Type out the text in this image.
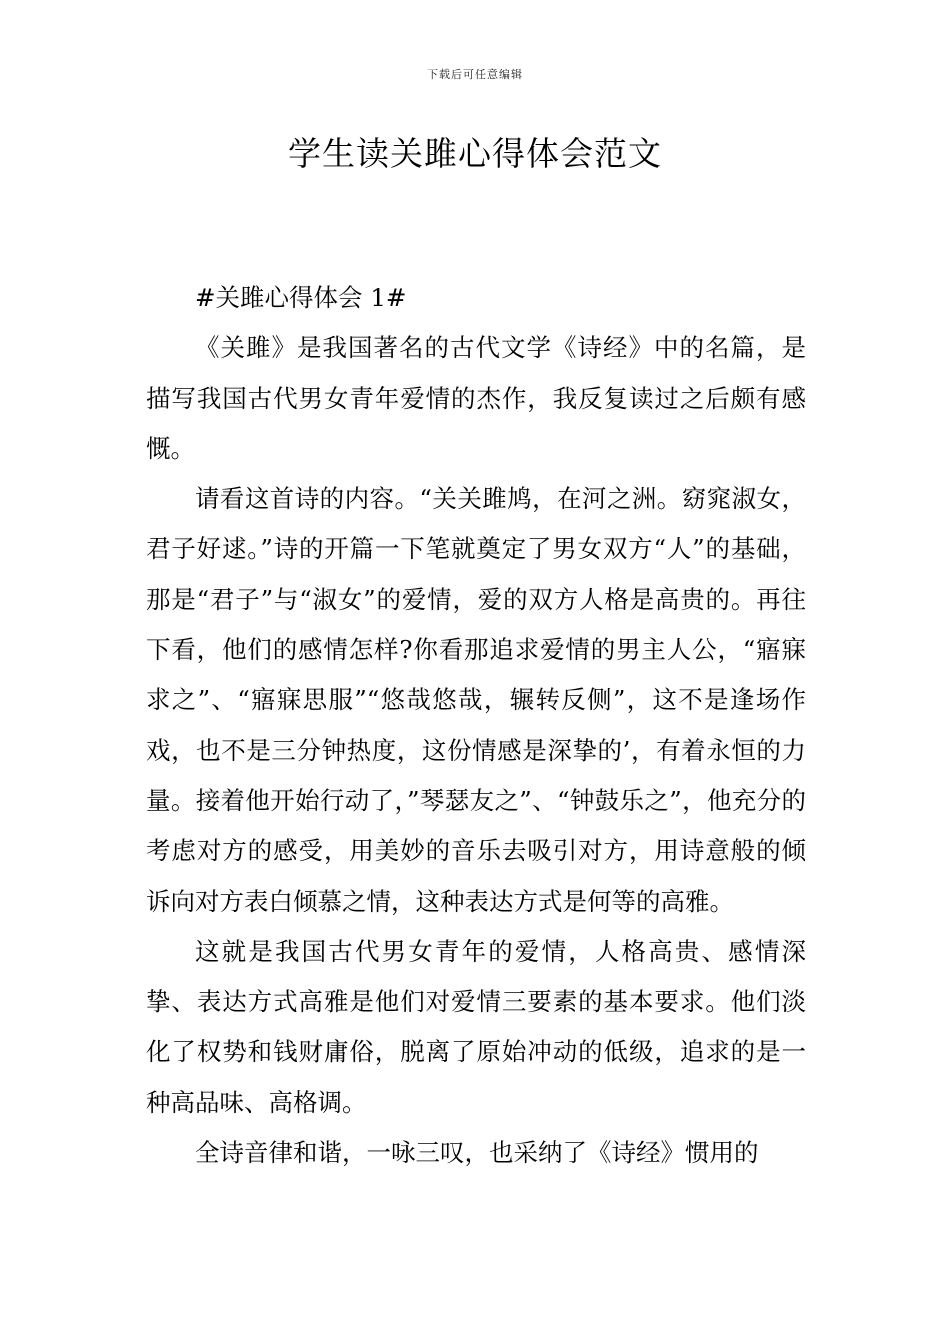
下载后可任意编辑
学生读关雎心得体会范文

#关雎心得体会 1#

《关雎》是我国著名的古代文学《诗经》中的名篇，是描写我国古代男女青年爱情的杰作，我反复读过之后颇有感慨。

请看这首诗的内容。“关关雎鸠，在河之洲。窈窕淑女，君子好逑。”诗的开篇一下笔就奠定了男女双方“人”的基础，那是“君子”与“淑女”的爱情，爱的双方人格是高贵的。再往下看，他们的感情怎样?你看那追求爱情的男主人公，“寤寐求之”、“寤寐思服”“悠哉悠哉，辗转反侧”，这不是逢场作戏，也不是三分钟热度，这份情感是深挚的’，有着永恒的力量。接着他开始行动了，”琴瑟友之”、“钟鼓乐之”，他充分的考虑对方的感受，用美妙的音乐去吸引对方，用诗意般的倾诉向对方表白倾慕之情，这种表达方式是何等的高雅。

这就是我国古代男女青年的爱情，人格高贵、感情深挚、表达方式高雅是他们对爱情三要素的基本要求。他们淡化了权势和钱财庸俗，脱离了原始冲动的低级，追求的是一种高品味、高格调。

全诗音律和谐，一咏三叹，也采纳了《诗经》惯用的
